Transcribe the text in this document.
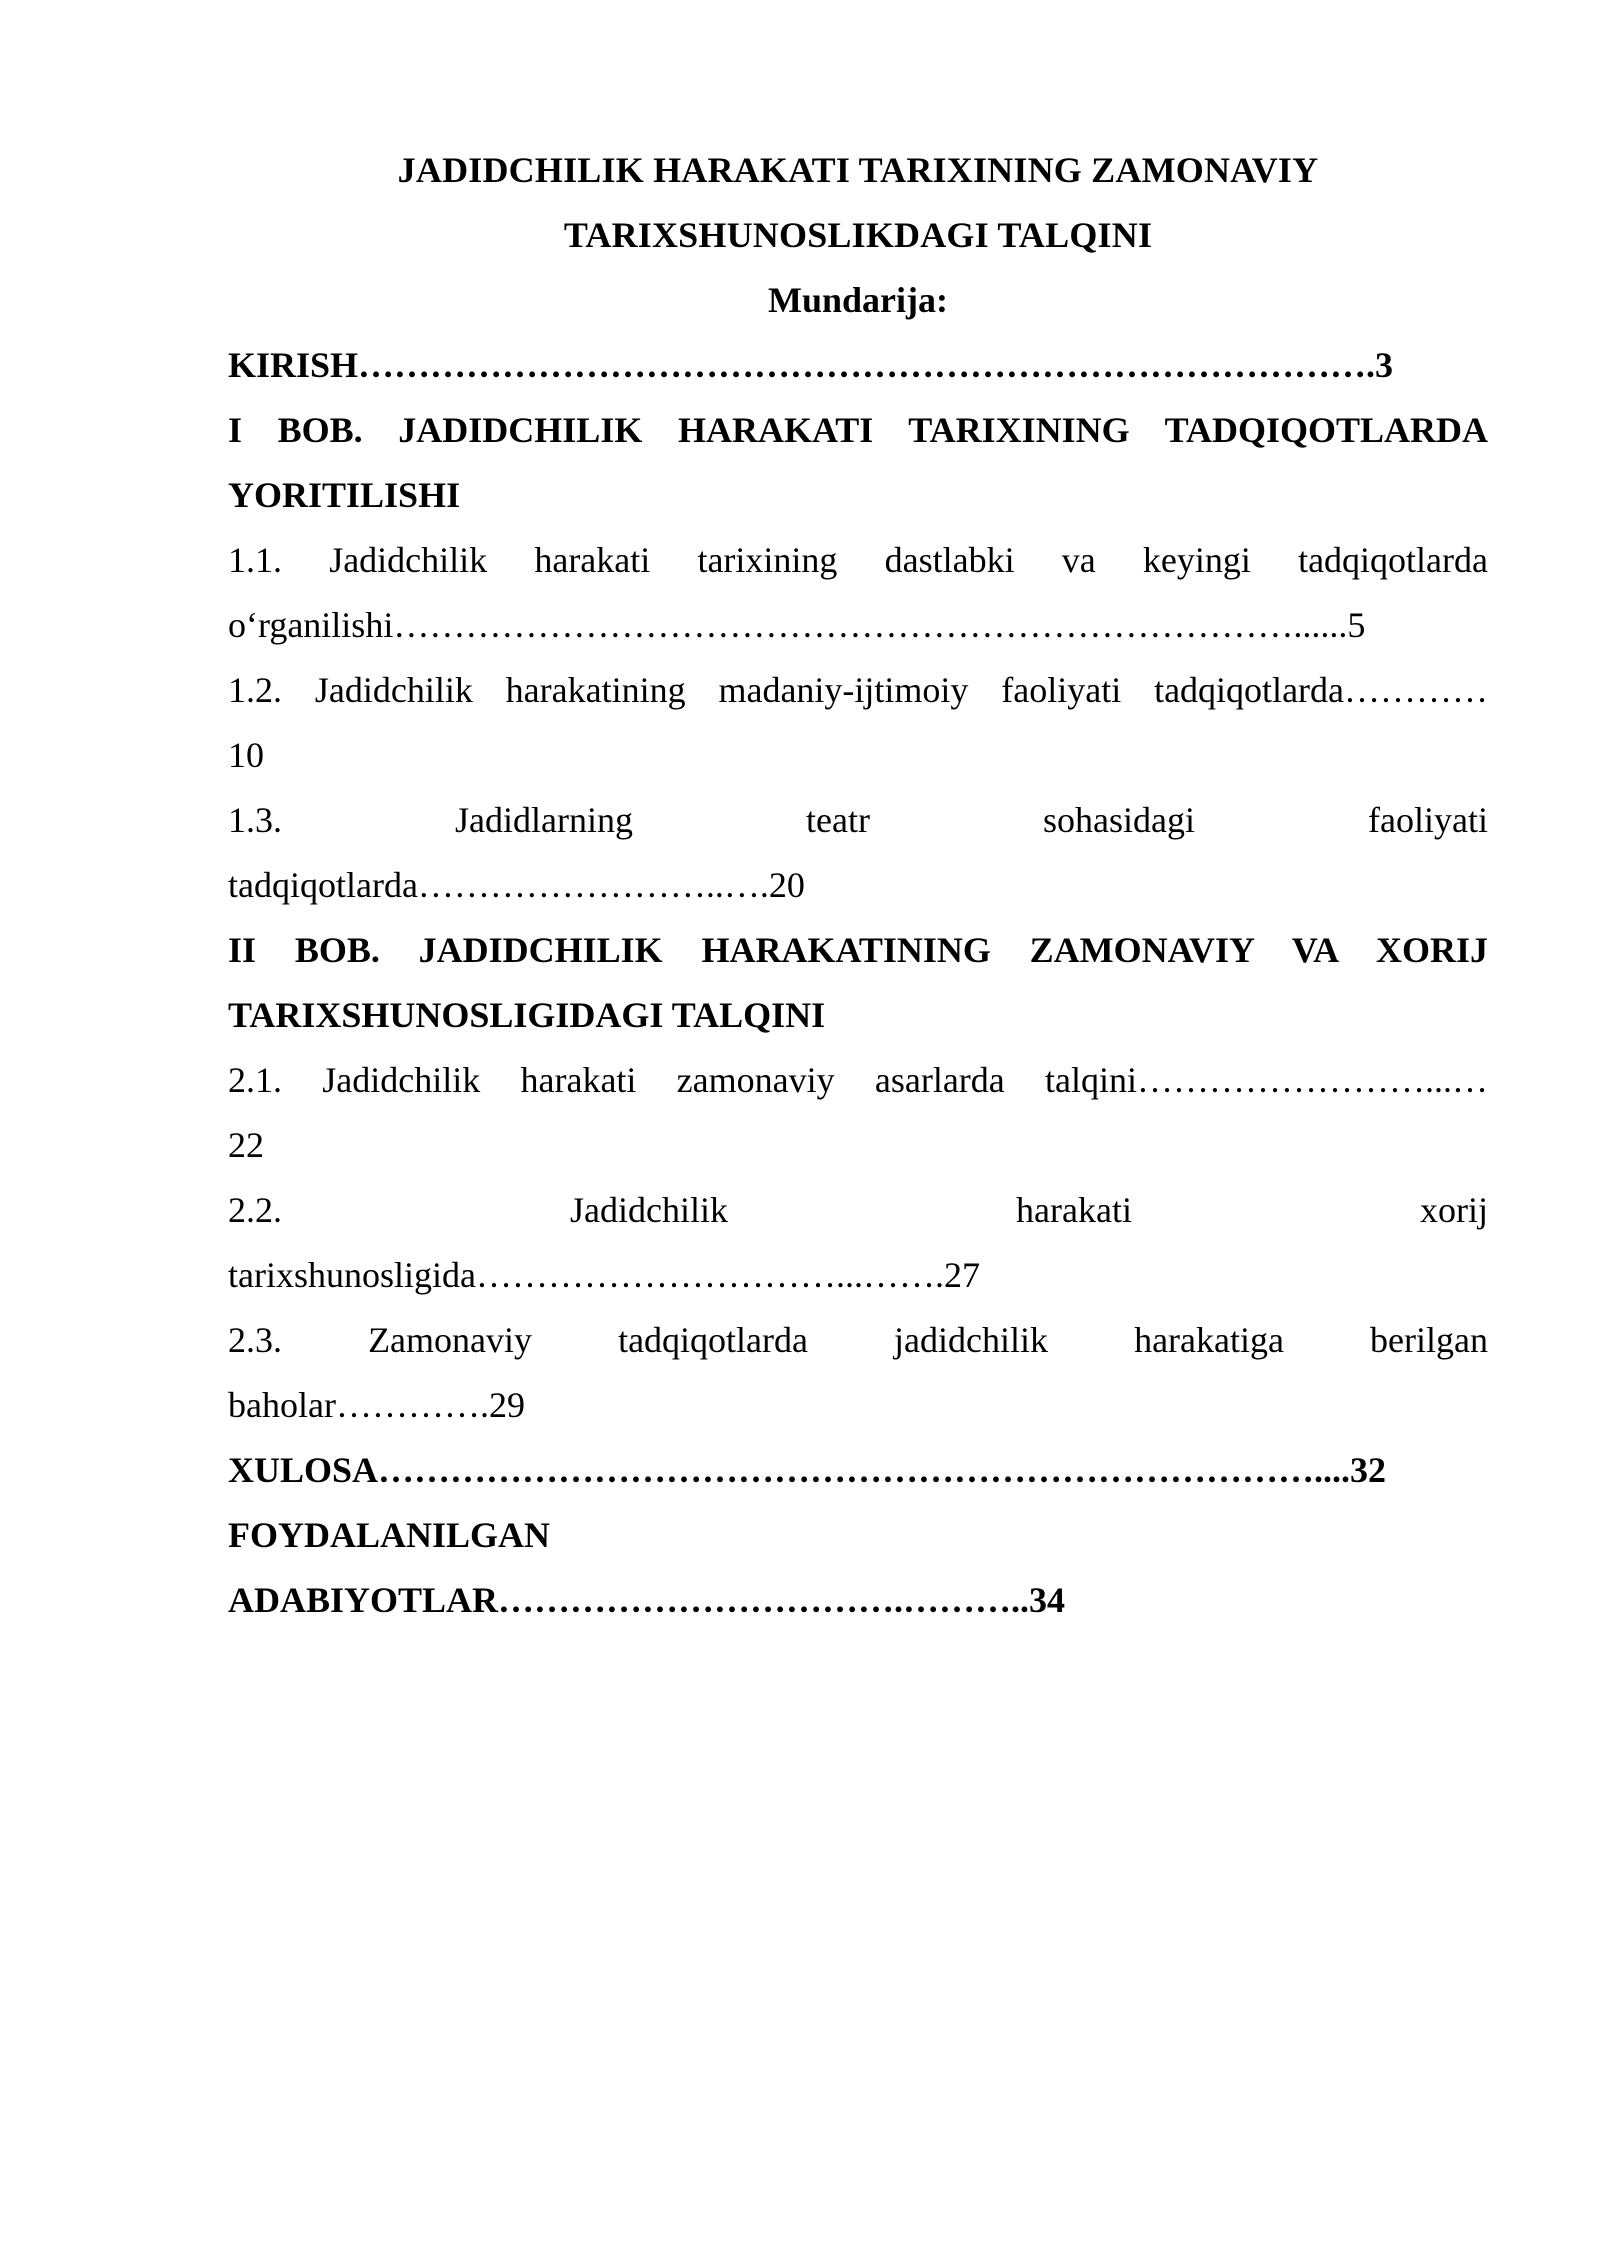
JADIDCHILIK HARAKATI TARIXINING ZAMONAVIY
TARIXSHUNOSLIKDAGI TALQINI
Mundarija:
KIRISH………………………………………………………………………….3
I BOB. JADIDCHILIK HARAKATI TARIXINING TADQIQOTLARDA
YORITILISHI
1.1. Jadidchilik harakati tarixining dastlabki va keyingi tadqiqotlarda
o‘rganilishi…………………………………………………………………......5
1.2. Jadidchilik harakatining madaniy-ijtimoiy faoliyati tadqiqotlarda…………
10
1.3.	Jadidlarning teatr sohasidagi faoliyati
tadqiqotlarda……………………..….20
II BOB. JADIDCHILIK HARAKATINING ZAMONAVIY VA XORIJ
TARIXSHUNOSLIGIDAGI TALQINI
2.1. Jadidchilik harakati zamonaviy asarlarda talqini……………………...…
22
2.2.	Jadidchilik harakati xorij
tarixshunosligida…………………………...…….27
2.3. Zamonaviy tadqiqotlarda jadidchilik harakatiga berilgan
baholar………….29
XULOSA……………………………………………………………………....32
FOYDALANILGAN
ADABIYOTLAR…………………………….………..34
